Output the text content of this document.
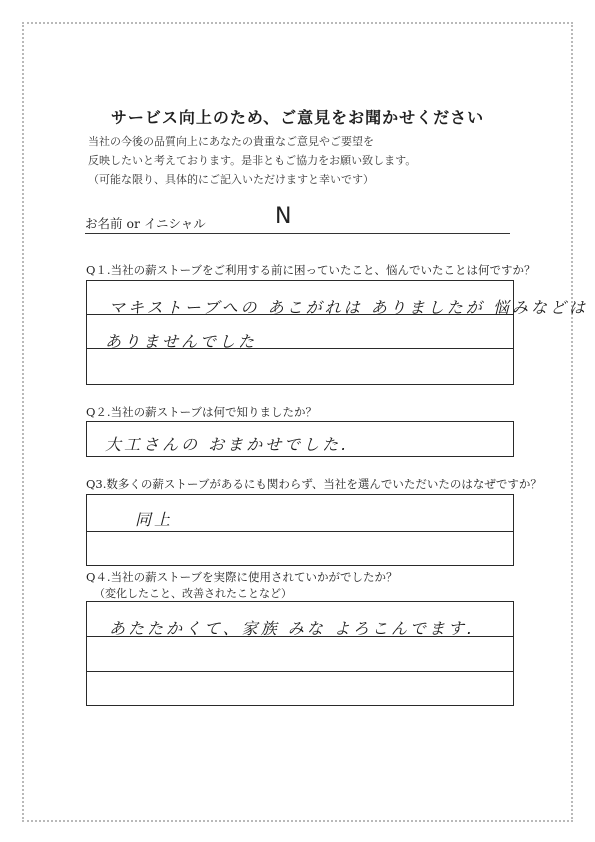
サービス向上のため、ご意見をお聞かせください
当社の今後の品質向上にあなたの貴重なご意見やご要望を
反映したいと考えております。是非ともご協力をお願い致します。
（可能な限り、具体的にご記入いただけますと幸いです）
お名前 or イニシャル	N
Q１.当社の薪ストーブをご利用する前に困っていたこと、悩んでいたことは何ですか？
マキストーブへの あこがれは ありましたが 悩みなどは
ありませんでした
Q２.当社の薪ストーブは何で知りましたか？
大工さんの おまかせでした.
Q3.数多くの薪ストーブがあるにも関わらず、当社を選んでいただいたのはなぜですか？
同上
Q４.当社の薪ストーブを実際に使用されていかがでしたか？
（変化したこと、改善されたことなど）
あたたかくて、家族 みな よろこんでます.
